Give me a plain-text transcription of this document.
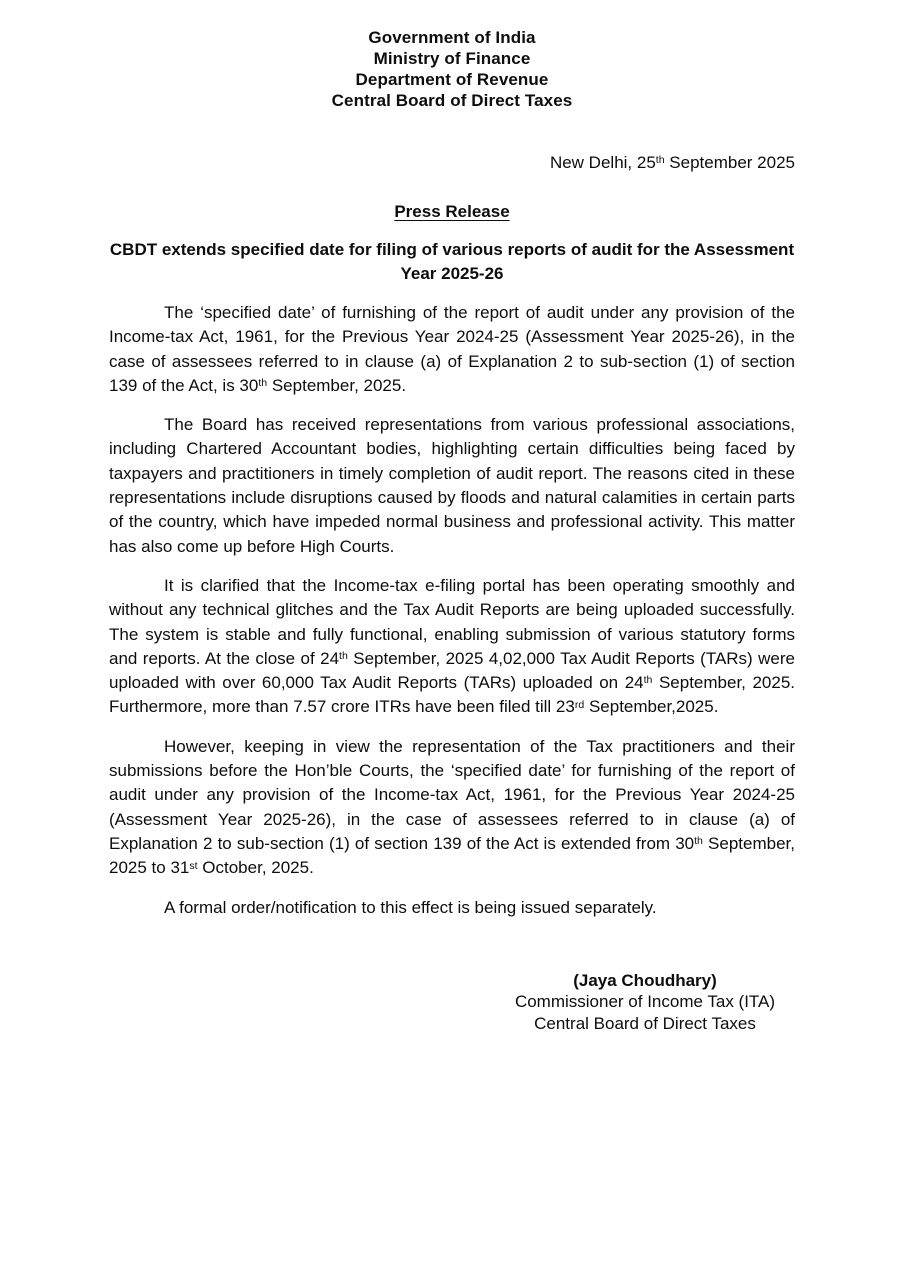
Government of India
Ministry of Finance
Department of Revenue
Central Board of Direct Taxes
New Delhi, 25th September 2025
Press Release
CBDT extends specified date for filing of various reports of audit for the Assessment Year 2025-26

The ‘specified date’ of furnishing of the report of audit under any provision of the Income-tax Act, 1961, for the Previous Year 2024-25 (Assessment Year 2025-26), in the case of assessees referred to in clause (a) of Explanation 2 to sub-section (1) of section 139 of the Act, is 30th September, 2025.

The Board has received representations from various professional associations, including Chartered Accountant bodies, highlighting certain difficulties being faced by taxpayers and practitioners in timely completion of audit report. The reasons cited in these representations include disruptions caused by floods and natural calamities in certain parts of the country, which have impeded normal business and professional activity. This matter has also come up before High Courts.

It is clarified that the Income-tax e-filing portal has been operating smoothly and without any technical glitches and the Tax Audit Reports are being uploaded successfully. The system is stable and fully functional, enabling submission of various statutory forms and reports. At the close of 24th September, 2025 4,02,000 Tax Audit Reports (TARs) were uploaded with over 60,000 Tax Audit Reports (TARs) uploaded on 24th September, 2025. Furthermore, more than 7.57 crore ITRs have been filed till 23rd September,2025.

However, keeping in view the representation of the Tax practitioners and their submissions before the Hon’ble Courts, the ‘specified date’ for furnishing of the report of audit under any provision of the Income-tax Act, 1961, for the Previous Year 2024-25 (Assessment Year 2025-26), in the case of assessees referred to in clause (a) of Explanation 2 to sub-section (1) of section 139 of the Act is extended from 30th September, 2025 to 31st October, 2025.

A formal order/notification to this effect is being issued separately.

(Jaya Choudhary)
Commissioner of Income Tax (ITA)
Central Board of Direct Taxes
